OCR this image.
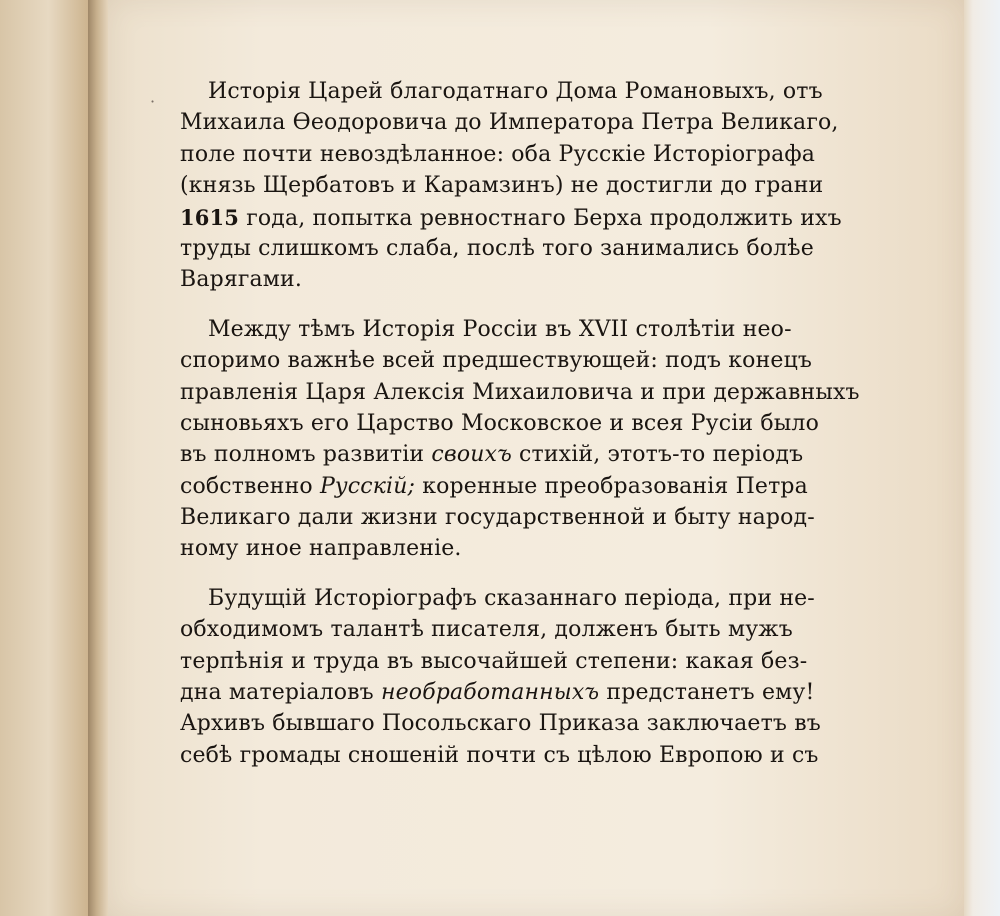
·	Исторія Царей благодатнаго Дома Романовыхъ, отъ
Михаила Ѳеодоровича до Императора Петра Великаго,
поле почти невоздѣланное: оба Русскіе Исторіографа
(князь Щербатовъ и Карамзинъ) не достигли до грани
1615 года, попытка ревностнаго Берха продолжить ихъ
труды слишкомъ слаба, послѣ того занимались болѣе
Варягами.
Между тѣмъ Исторія Россіи въ XVII столѣтіи нео-
споримо важнѣе всей предшествующей: подъ конецъ
правленія Царя Алексія Михаиловича и при державныхъ
сыновьяхъ его Царство Московское и всея Русіи было
въ полномъ развитіи своихъ стихій, этотъ-то періодъ
собственно Русскій; коренные преобразованія Петра
Великаго дали жизни государственной и быту народ-
ному иное направленіе.
Будущій Исторіографъ сказаннаго періода, при не-
обходимомъ талантѣ писателя, долженъ быть мужъ
терпѣнія и труда въ высочайшей степени: какая без-
дна матеріаловъ необработанныхъ предстанетъ ему!
Архивъ бывшаго Посольскаго Приказа заключаетъ въ
себѣ громады сношеній почти съ цѣлою Европою и съ
